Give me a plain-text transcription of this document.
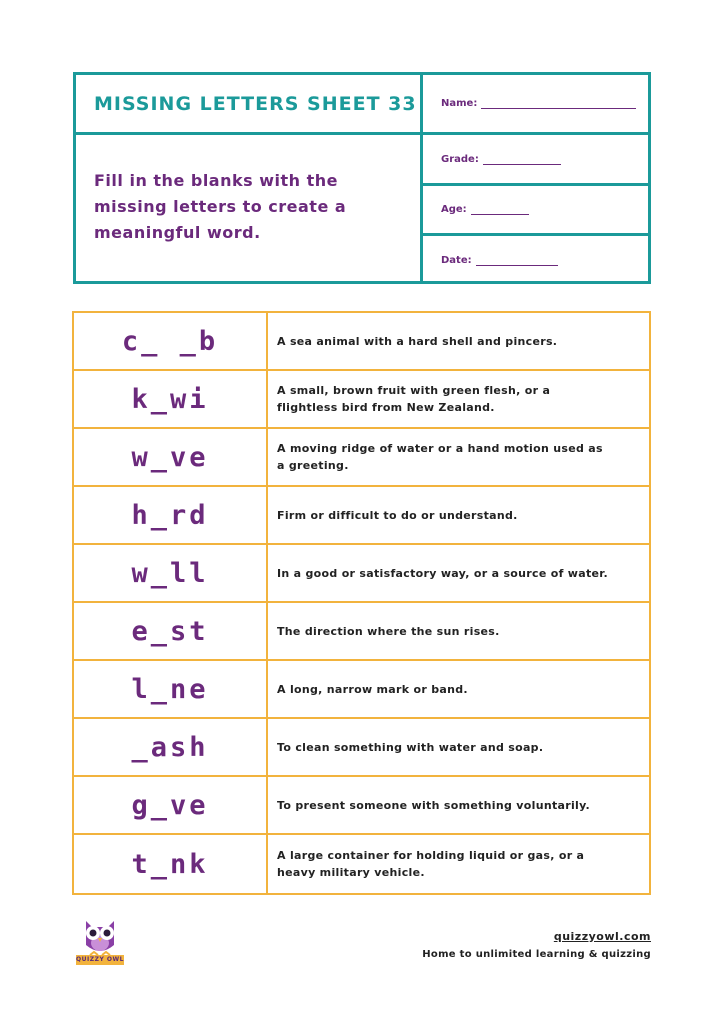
MISSING LETTERS SHEET 33
Fill in the blanks with the missing letters to create a meaningful word.
Name:
Grade:
Age:
Date:
c_ _b	A sea animal with a hard shell and pincers.
k_wi	A small, brown fruit with green flesh, or a flightless bird from New Zealand.
w_ve	A moving ridge of water or a hand motion used as a greeting.
h_rd	Firm or difficult to do or understand.
w_ll	In a good or satisfactory way, or a source of water.
e_st	The direction where the sun rises.
l_ne	A long, narrow mark or band.
_ash	To clean something with water and soap.
g_ve	To present someone with something voluntarily.
t_nk	A large container for holding liquid or gas, or a heavy military vehicle.
QUIZZY OWL
quizzyowl.com
Home to unlimited learning & quizzing
